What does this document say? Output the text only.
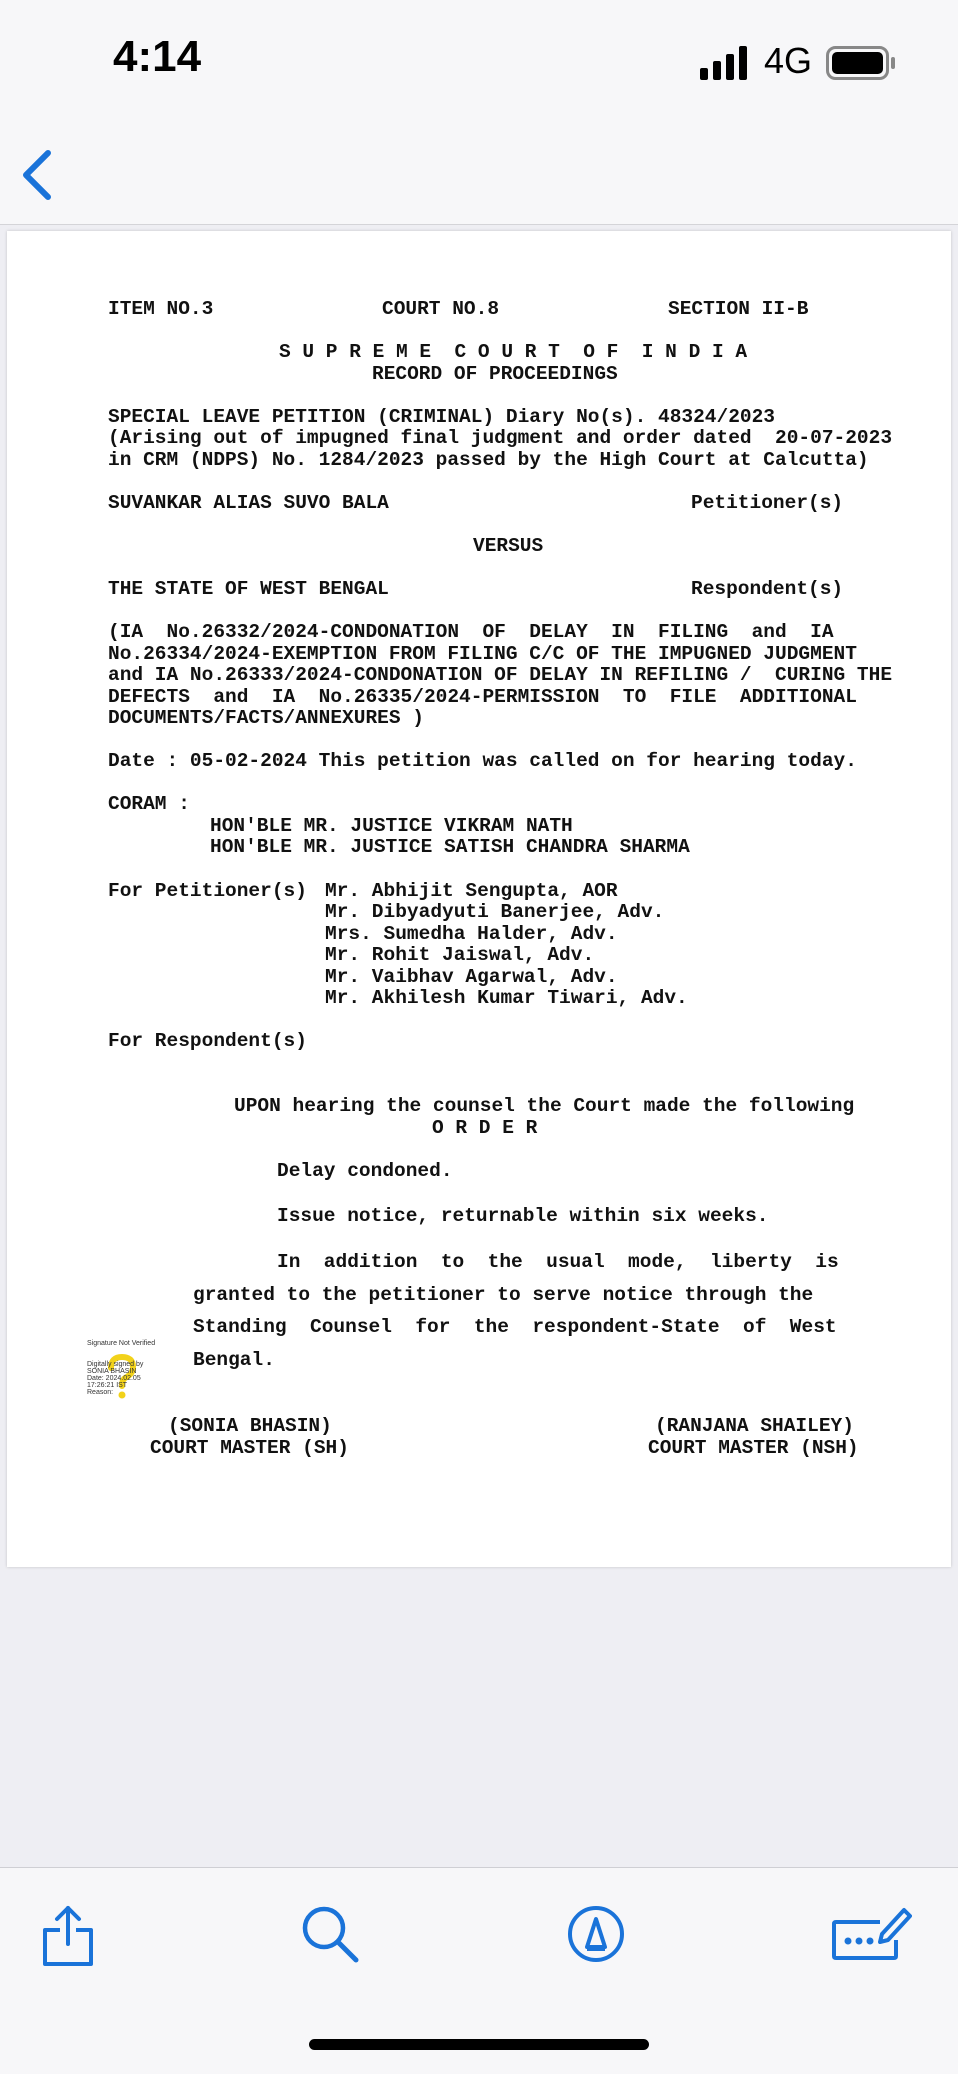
4:14	4G
ITEM NO.3	COURT NO.8	SECTION II-B
S U P R E M E  C O U R T  O F  I N D I A
RECORD OF PROCEEDINGS
SPECIAL LEAVE PETITION (CRIMINAL) Diary No(s). 48324/2023
(Arising out of impugned final judgment and order dated  20-07-2023
in CRM (NDPS) No. 1284/2023 passed by the High Court at Calcutta)
SUVANKAR ALIAS SUVO BALA	Petitioner(s)
VERSUS
THE STATE OF WEST BENGAL	Respondent(s)
(IA  No.26332/2024-CONDONATION  OF  DELAY  IN  FILING  and  IA
No.26334/2024-EXEMPTION FROM FILING C/C OF THE IMPUGNED JUDGMENT
and IA No.26333/2024-CONDONATION OF DELAY IN REFILING /  CURING THE
DEFECTS  and  IA  No.26335/2024-PERMISSION  TO  FILE  ADDITIONAL
DOCUMENTS/FACTS/ANNEXURES )
Date : 05-02-2024 This petition was called on for hearing today.
CORAM :
HON'BLE MR. JUSTICE VIKRAM NATH
HON'BLE MR. JUSTICE SATISH CHANDRA SHARMA
For Petitioner(s) Mr. Abhijit Sengupta, AOR
Mr. Dibyadyuti Banerjee, Adv.
Mrs. Sumedha Halder, Adv.
Mr. Rohit Jaiswal, Adv.
Mr. Vaibhav Agarwal, Adv.
Mr. Akhilesh Kumar Tiwari, Adv.
For Respondent(s)
UPON hearing the counsel the Court made the following
O R D E R
Delay condoned.
Issue notice, returnable within six weeks.
In  addition  to  the  usual  mode,  liberty  is
granted to the petitioner to serve notice through the
Standing  Counsel  for  the  respondent-State  of  West
Bengal.
Signature Not Verified
Digitally signed by
SONIA BHASIN
Date: 2024.02.05
17:26:21 IST
Reason:
(SONIA BHASIN)
COURT MASTER (SH)
(RANJANA SHAILEY)
COURT MASTER (NSH)
